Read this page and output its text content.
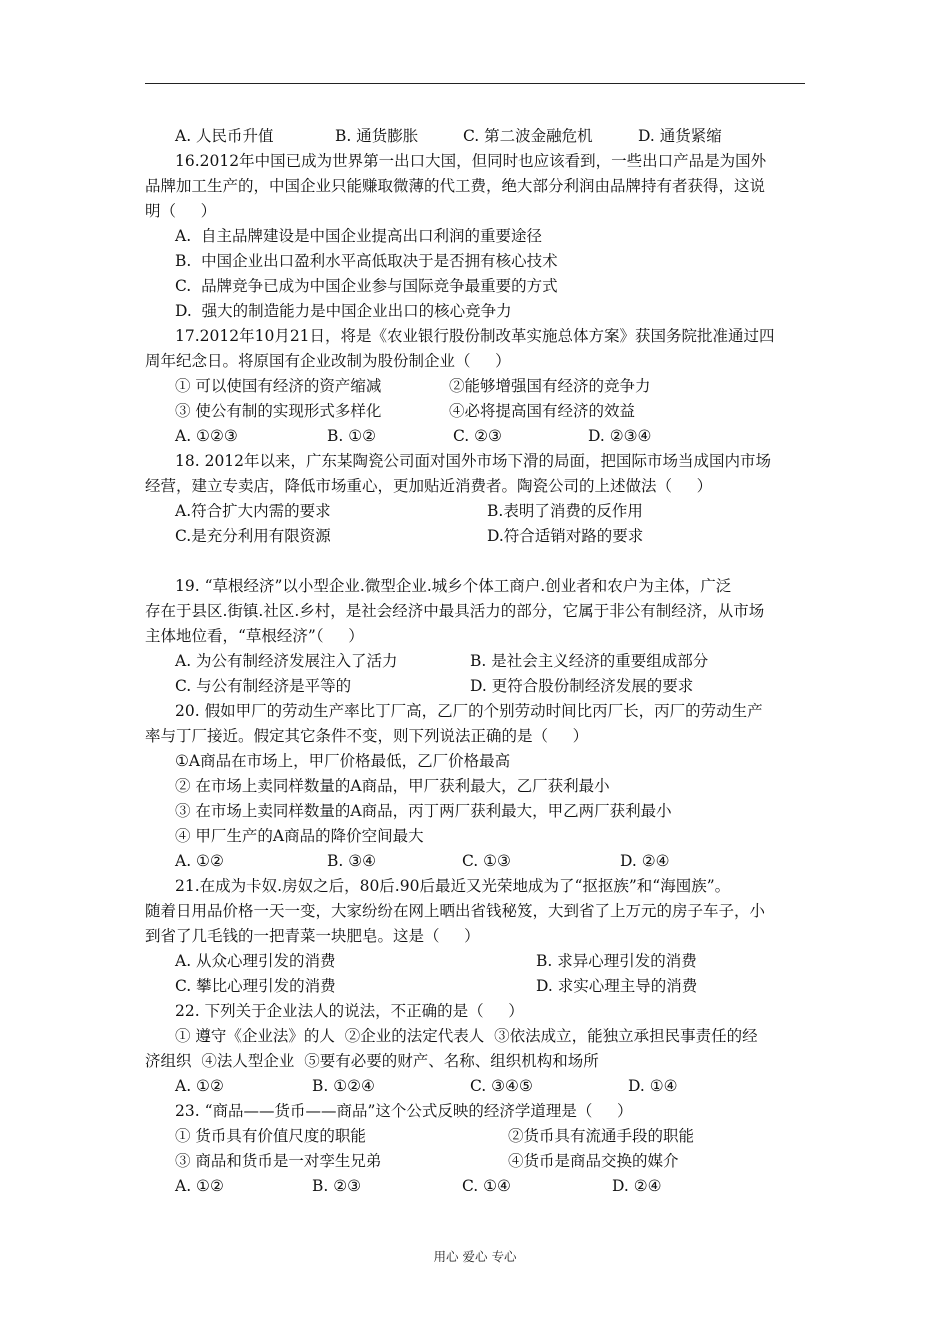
A. 人民币升值	B. 通货膨胀	C. 第二波金融危机	D. 通货紧缩
16.2012年中国已成为世界第一出口大国，但同时也应该看到，一些出口产品是为国外
品牌加工生产的，中国企业只能赚取微薄的代工费，绝大部分利润由品牌持有者获得，这说
明（     ）
A.  自主品牌建设是中国企业提高出口利润的重要途径
B.  中国企业出口盈利水平高低取决于是否拥有核心技术
C.  品牌竞争已成为中国企业参与国际竞争最重要的方式
D.  强大的制造能力是中国企业出口的核心竞争力
17.2012年10月21日，将是《农业银行股份制改革实施总体方案》获国务院批准通过四
周年纪念日。将原国有企业改制为股份制企业（     ）
① 可以使国有经济的资产缩减	②能够增强国有经济的竞争力
③ 使公有制的实现形式多样化	④必将提高国有经济的效益
A. ①②③	B. ①②	C. ②③	D. ②③④
18. 2012年以来，广东某陶瓷公司面对国外市场下滑的局面，把国际市场当成国内市场
经营，建立专卖店，降低市场重心，更加贴近消费者。陶瓷公司的上述做法（     ）
A.符合扩大内需的要求	B.表明了消费的反作用
C.是充分利用有限资源	D.符合适销对路的要求
19. “草根经济”以小型企业.微型企业.城乡个体工商户.创业者和农户为主体，广泛
存在于县区.街镇.社区.乡村，是社会经济中最具活力的部分，它属于非公有制经济，从市场
主体地位看，“草根经济”（     ）
A. 为公有制经济发展注入了活力	B. 是社会主义经济的重要组成部分
C. 与公有制经济是平等的	D. 更符合股份制经济发展的要求
20. 假如甲厂的劳动生产率比丁厂高，乙厂的个别劳动时间比丙厂长，丙厂的劳动生产
率与丁厂接近。假定其它条件不变，则下列说法正确的是（     ）
①A商品在市场上，甲厂价格最低，乙厂价格最高
② 在市场上卖同样数量的A商品，甲厂获利最大，乙厂获利最小
③ 在市场上卖同样数量的A商品，丙丁两厂获利最大，甲乙两厂获利最小
④ 甲厂生产的A商品的降价空间最大
A. ①②	B. ③④	C. ①③	D. ②④
21.在成为卡奴.房奴之后，80后.90后最近又光荣地成为了“抠抠族”和“海囤族”。
随着日用品价格一天一变，大家纷纷在网上晒出省钱秘笈，大到省了上万元的房子车子，小
到省了几毛钱的一把青菜一块肥皂。这是（     ）
A. 从众心理引发的消费	B. 求异心理引发的消费
C. 攀比心理引发的消费	D. 求实心理主导的消费
22. 下列关于企业法人的说法，不正确的是（     ）
① 遵守《企业法》的人  ②企业的法定代表人  ③依法成立，能独立承担民事责任的经
济组织  ④法人型企业  ⑤要有必要的财产、名称、组织机构和场所
A. ①②	B. ①②④	C. ③④⑤	D. ①④
23. “商品——货币——商品”这个公式反映的经济学道理是（     ）
① 货币具有价值尺度的职能	②货币具有流通手段的职能
③ 商品和货币是一对孪生兄弟	④货币是商品交换的媒介
A. ①②	B. ②③	C. ①④	D. ②④
用心 爱心 专心
